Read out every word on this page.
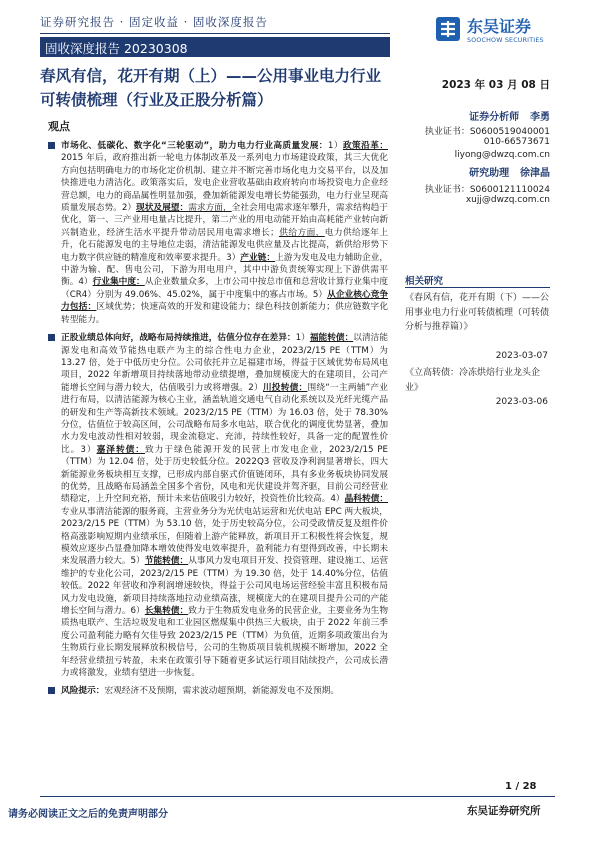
证券研究报告 · 固定收益 · 固收深度报告
固收深度报告 20230308
东吴证券
SOOCHOW SECURITIES
春风有信，花开有期（上）——公用事业电力行业可转债梳理（行业及正股分析篇）
2023 年 03 月 08 日
观点
证券分析师 李勇
执业证书：S0600519040001
010-66573671
liyong@dwzq.com.cn
研究助理 徐津晶
执业证书：S0600121110024
xujj@dwzq.com.cn
相关研究
《春风有信，花开有期（下）——公用事业电力行业可转债梳理（可转债分析与推荐篇）》
2023-03-07
《立高转债：冷冻烘焙行业龙头企业》
2023-03-06
市场化、低碳化、数字化“三轮驱动”，助力电力行业高质量发展：1）政策沿革：2015 年后，政府推出新一轮电力体制改革及一系列电力市场建设政策，其三大优化方向包括明确电力的市场化定价机制、建立并不断完善市场化电力交易平台，以及加快推进电力清洁化。政策落实后，发电企业营收基础由政府转向市场投资电力企业经营总额，电力的商品属性明显加强，叠加新能源发电增长势能强劲，电力行业呈现高质量发展态势。2）现状及展望：需求方面，全社会用电需求逐年攀升，需求结构趋于优化，第一、三产业用电量占比提升，第二产业的用电动能开始由高耗能产业转向新兴制造业，经济生活水平提升带动居民用电需求增长；供给方面，电力供给逐年上升，化石能源发电的主导地位走弱，清洁能源发电供应量及占比提高，新供给形势下电力数字供应链的精准度和效率要求提升。3）产业链：上游为发电及电力辅助企业，中游为输、配、售电公司，下游为用电用户，其中中游负责统筹实现上下游供需平衡。4）行业集中度：从企业数量众多，上市公司中按总市值和总营收计算行业集中度（CR4）分别为 49.06%、45.02%，属于中度集中的寡占市场。5）从企业核心竞争力包括：区域优势；快速高效的开发和建设能力；绿色科技创新能力；供应链数字化转型能力。
正股业绩总体向好，战略布局持续推进，估值分位存在差异：1）福能转债：以清洁能源发电和高效节能热电联产为主的综合性电力企业，2023/2/15 PE（TTM）为 13.27 倍，处于中低历史分位。公司依托并立足福建市场，得益于区域优势布局风电项目，2022 年新增项目持续落地带动业绩提增，叠加规模庞大的在建项目，公司产能增长空间与潜力较大，估值吸引力或将增强。2）川投转债：围绕“一主两辅”产业进行布局，以清洁能源为核心主业，涵盖轨道交通电气自动化系统以及光纤光缆产品的研发和生产等高新技术领域。2023/2/15 PE（TTM）为 16.03 倍，处于 78.30%分位，估值位于较高区间，公司战略布局多水电站，联合优化的调度优势显著，叠加水力发电波动性相对较弱，现金流稳定、充沛，持续性较好，具备一定的配置性价比。3）嘉泽转债：致力于绿色能源开发的民营上市发电企业，2023/2/15 PE（TTM）为 12.04 倍，处于历史较低分位。2022Q3 营收及净利润显著增长，四大新能源业务板块相互支撑，已形成内部自驱式价值链闭环，具有多业务板块协同发展的优势，且战略布局涵盖全国多个省份，风电和光伏建设并驾齐驱，目前公司经营业绩稳定，上升空间充裕，预计未来估值吸引力较好，投资性价比较高。4）晶科转债：专业从事清洁能源的服务商，主营业务分为光伏电站运营和光伏电站 EPC 两大板块，2023/2/15 PE（TTM）为 53.10 倍，处于历史较高分位，公司受政情反复及组件价格高涨影响短期内业绩承压，但随着上游产能释放，新项目开工积极性将会恢复，规模效应逐步凸显叠加降本增效使得发电效率提升，盈利能力有望得到改善，中长期未来发展潜力较大。5）节能转债：从事风力发电项目开发、投资管理、建设施工、运营维护的专业化公司，2023/2/15 PE（TTM）为 19.30 倍，处于 14.40%分位，估值较低。2022 年营收和净利润增速较快，得益于公司风电场运营经验丰富且积极布局风力发电设施，新项目持续落地拉动业绩高涨，规模庞大的在建项目提升公司的产能增长空间与潜力。6）长集转债：致力于生物质发电业务的民营企业，主要业务为生物质热电联产、生活垃圾发电和工业园区燃煤集中供热三大板块，由于 2022 年前三季度公司盈利能力略有欠佳导致 2023/2/15 PE（TTM）为负值，近期多项政策出台为生物质行业长期发展释放积极信号，公司的生物质项目装机规模不断增加，2022 全年经营业绩扭亏转盈，未来在政策引导下随着更多试运行项目陆续投产，公司成长潜力或将激发，业绩有望进一步恢复。
风险提示：宏观经济不及预期，需求波动超预期，新能源发电不及预期。
1 / 28
请务必阅读正文之后的免责声明部分	东吴证券研究所
